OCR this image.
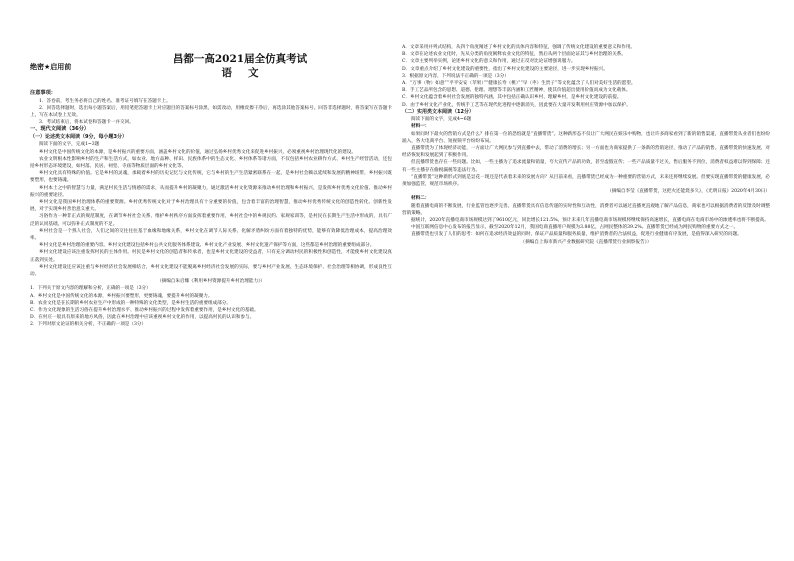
绝密★启用前
昌都一高2021届全仿真考试
语文

注意事项：

1．答卷前，考生务必将自己的姓名、准考证号填写在答题卡上。

2．回答选择题时，选出每小题答案后，用铅笔把答题卡上对应题目的答案标号涂黑，如需改动，用橡皮擦干净后，再选涂其他答案标号。回答非选择题时，将答案写在答题卡上，写在本试卷上无效。

3．考试结束后，将本试卷和答题卡一并交回。

一、现代文阅读（36分）

（一）论述类文本阅读（9分，每小题3分）

阅读下面的文字，完成1~3题

乡村文化是中国传统文化的本源，是乡村振兴的重要方面，涵盖乡村文化的价值，通过弘扬乡村优秀文化来促进乡村振兴，必须重视乡村治理现代化的建设。

农业文明根本性影响乡村的生产和生活方式，如农业、地方品种、样田、民族体系中的生态文化、乡村体系等诸方面，不仅包括乡村农业耕作方式、乡村生产经营活动，还包括乡村形态环境建设，如村落、民居、祠堂、寺庙等物质层面的乡村文化等。

乡村文化具有特殊的价值。它是乡村的灵魂，承载着乡村的历史记忆与文化传统，它与乡村的生产生活紧密联系在一起，是乡村社会赖以延续和发展的精神纽带，乡村振兴既要塑形，也要铸魂。

乡村本土之中的智慧与力量，满足村民生活与情感的需求，从而提升乡村的凝聚力，通过激活乡村文化资源来推动乡村治理和乡村振兴，是发挥乡村优秀文化价值、推动乡村振兴的重要途径。

乡村文化是我国乡村治理体系的重要资源。乡村优秀传统文化对于乡村治理具有十分重要的价值，包含着丰富的治理智慧，推动乡村优秀传统文化的创造性转化、创新性发展，对于实现乡村善治意义重大。

习俗作为一种非正式的规范制度，在调节乡村社会关系、维护乡村秩序方面发挥着重要作用，乡村社会中的乡规民约、家规家训等，是村民在长期生产生活中形成的，具有广泛的认同基础，可以弥补正式制度的不足。

乡村社会是一个熟人社会，人们之间的交往往往基于血缘和地缘关系，乡村文化在调节人际关系、化解矛盾纠纷方面有着独特的优势，能够有效降低治理成本，提高治理效率。

乡村文化是乡村治理的重要内容。乡村文化建设包括乡村公共文化服务体系建设、乡村文化产业发展、乡村文化遗产保护等方面，这些都是乡村治理的重要组成部分。

乡村文化建设应该注重发挥村民的主体作用。村民是乡村文化的创造者和传承者，也是乡村文化建设的受益者，只有充分调动村民的积极性和创造性，才能使乡村文化建设真正落到实处。

乡村文化建设还应该注重与乡村经济社会发展相结合，乡村文化建设不能脱离乡村经济社会发展的实际，要与乡村产业发展、生态环境保护、社会治理等相协调，形成良性互动。

（摘编自朱启臻《利用乡村资源提升乡村治理能力》）

1．下列关于原文内容的理解和分析，正确的一项是（3分）

A．乡村文化是中国传统文化的本源，乡村振兴要塑形，更要铸魂，要提升乡村的凝聚力。

B．农业文化是在长期的乡村农业生产中形成的一种特殊的文化类型，是乡村生活的重要组成部分。

C．作为文化现象的生活习俗在提升乡村治理水平、推动乡村振兴的过程中发挥着重要作用，是乡村文化的基础。

D．在村庄一般具有原来的地方风俗，因此在乡村治理中应该重视乡村文化的作用，以提高村民的认识和参与。

2．下列对原文论证的相关分析，不正确的一项是（3分）

A．文章采用并列式结构，从四个角度阐述了乡村文化的具体内容和特征，强调了传统文化建设的重要意义和作用。

B．文章在论述农业文化时，先从分类的角度阐释农业文化的特征，然后从两个层面论证其与乡村治理的关系。

C．文章主要列举实例，论述乡村文化的意义和作用，通过正反对比论证增强说服力。

D．文章重点介绍了乡村文化建设的重要性，指出了乡村文化建设的主要途径，进一步实现乡村振兴。

3．根据原文内容，下列说法不正确的一项是（3分）

A．“万事（物）如意”“平平安安（苹果）”“健康长寿（桃）”“早（枣）生贵子”等文化蕴含了人们对美好生活的愿望。

B．手工艺品所包含的思想、道德、伦理、理想等丰富内涵和工匠精神，使其价值超出使用价值而成为文化载体。

C．乡村文化蕴含着乡村社会发展的独特内涵，其中包括正确认识乡村、理解乡村，是乡村文化建设的前提。

D．由于乡村文化产业化，传统手工艺等在现代化进程中逐渐消失，因此要在大量开发利用村庄资源中加以保护。

（二）实用类文本阅读（12分）

阅读下面的文字，完成4~6题

材料一：

如果问时下最火的营销方式是什么？排在第一位的恐怕就是“直播带货”。这种新形态不仅让广大网民在娱乐中购物，也让许多商家看到了新的销售渠道，直播带货从业者们也纷纷涌入，各大电商平台、短视频平台纷纷布局。

直播带货为了体现经济动能，一方面让广大网民参与到直播中去，带动了消费的增长；另一方面也为商家提供了一条新的营销途径，推动了产品的销售。直播带货的快速发展，对经济恢复和发展起到了积极作用。

但直播带货也存在一些问题。比如，一些主播为了追求流量和销量，夸大宣传产品的功效，甚至虚假宣传；一些产品质量不过关，售后服务不到位，消费者权益难以得到保障；还有一些主播存在偷税漏税等违法行为。

“直播带货”这种新形式到底是昙花一现还是代表着未来的发展方向？从目前来看，直播带货已经成为一种重要的营销方式，未来还将继续发展。但要实现直播带货的健康发展，必须加强监管，规范市场秩序。

（摘编自李莹《直播带货，这把火还能烧多久》，《光明日报》2020年4月30日）

材料二：

随着直播电商的不断发展，行业监管也逐步完善。直播带货具有信息传递的实时性和互动性，消费者可以通过直播更直观地了解产品信息，商家也可以根据消费者的反馈及时调整营销策略。

据统计，2020年直播电商市场规模达到了9610亿元，同比增长121.5%。预计未来几年直播电商市场规模将继续保持高速增长，直播电商在电商市场中的渗透率也将不断提高。

中国互联网信息中心发布的报告显示，截至2020年12月，我国电商直播用户规模为3.88亿，占网民整体的39.2%。直播带货已经成为网民购物的重要方式之一。

直播带货也引发了人们的思考：如何在追求经济效益的同时，保证产品质量和服务质量，维护消费者的合法权益，促进行业健康有序发展，是值得深入研究的问题。

（摘编自上海市新兴产业数据研究院《直播带货行业洞察报告》）
